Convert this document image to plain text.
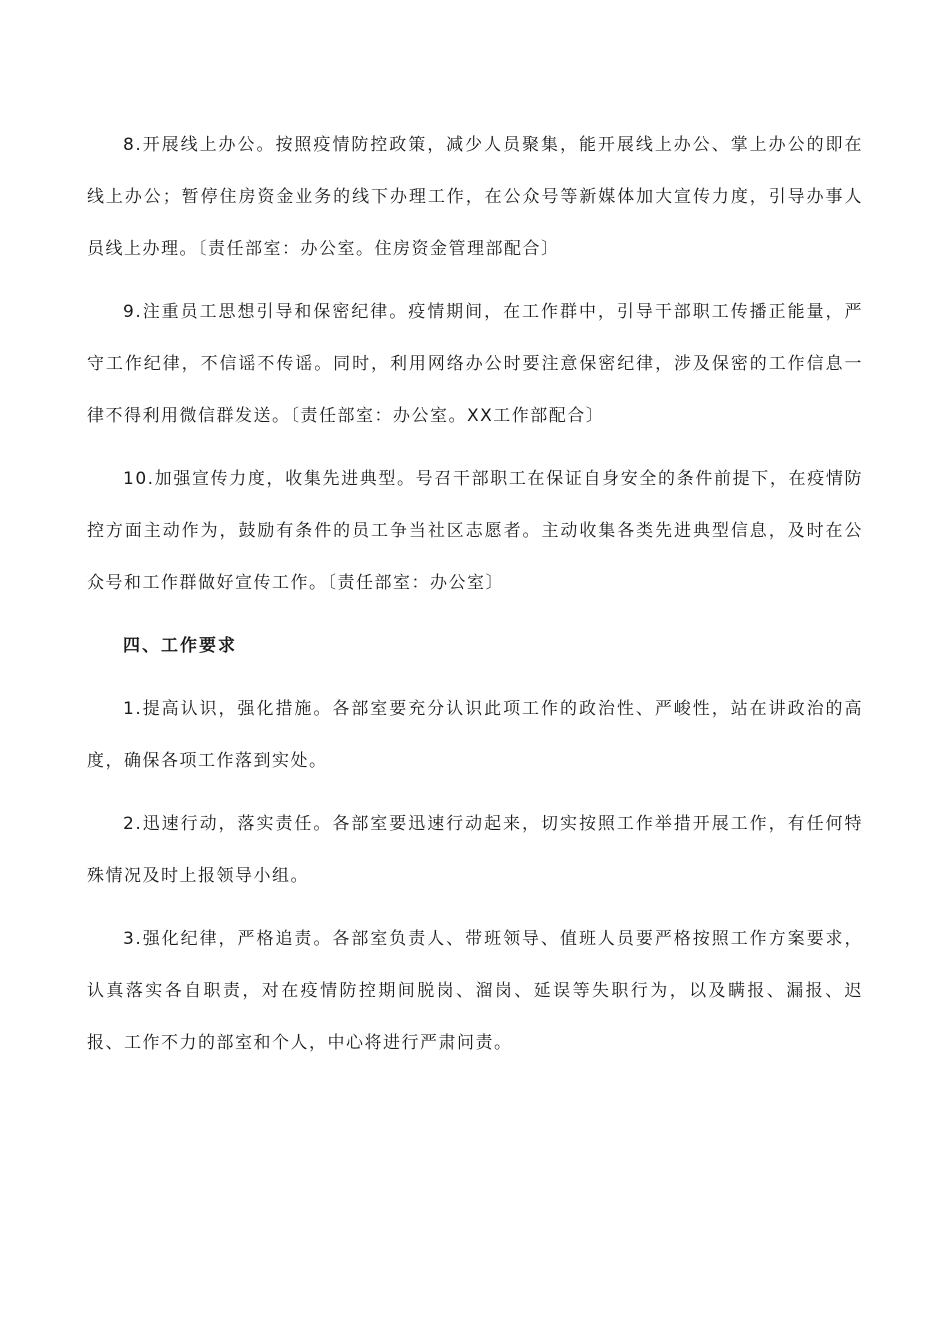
8.开展线上办公。按照疫情防控政策，减少人员聚集，能开展线上办公、掌上办公的即在线上办公；暂停住房资金业务的线下办理工作，在公众号等新媒体加大宣传力度，引导办事人员线上办理。〔责任部室：办公室。住房资金管理部配合〕

9.注重员工思想引导和保密纪律。疫情期间，在工作群中，引导干部职工传播正能量，严守工作纪律，不信谣不传谣。同时，利用网络办公时要注意保密纪律，涉及保密的工作信息一律不得利用微信群发送。〔责任部室：办公室。XX工作部配合〕

10.加强宣传力度，收集先进典型。号召干部职工在保证自身安全的条件前提下，在疫情防控方面主动作为，鼓励有条件的员工争当社区志愿者。主动收集各类先进典型信息，及时在公众号和工作群做好宣传工作。〔责任部室：办公室〕

四、工作要求

1.提高认识，强化措施。各部室要充分认识此项工作的政治性、严峻性，站在讲政治的高度，确保各项工作落到实处。

2.迅速行动，落实责任。各部室要迅速行动起来，切实按照工作举措开展工作，有任何特殊情况及时上报领导小组。

3.强化纪律，严格追责。各部室负责人、带班领导、值班人员要严格按照工作方案要求，认真落实各自职责，对在疫情防控期间脱岗、溜岗、延误等失职行为，以及瞒报、漏报、迟报、工作不力的部室和个人，中心将进行严肃问责。
